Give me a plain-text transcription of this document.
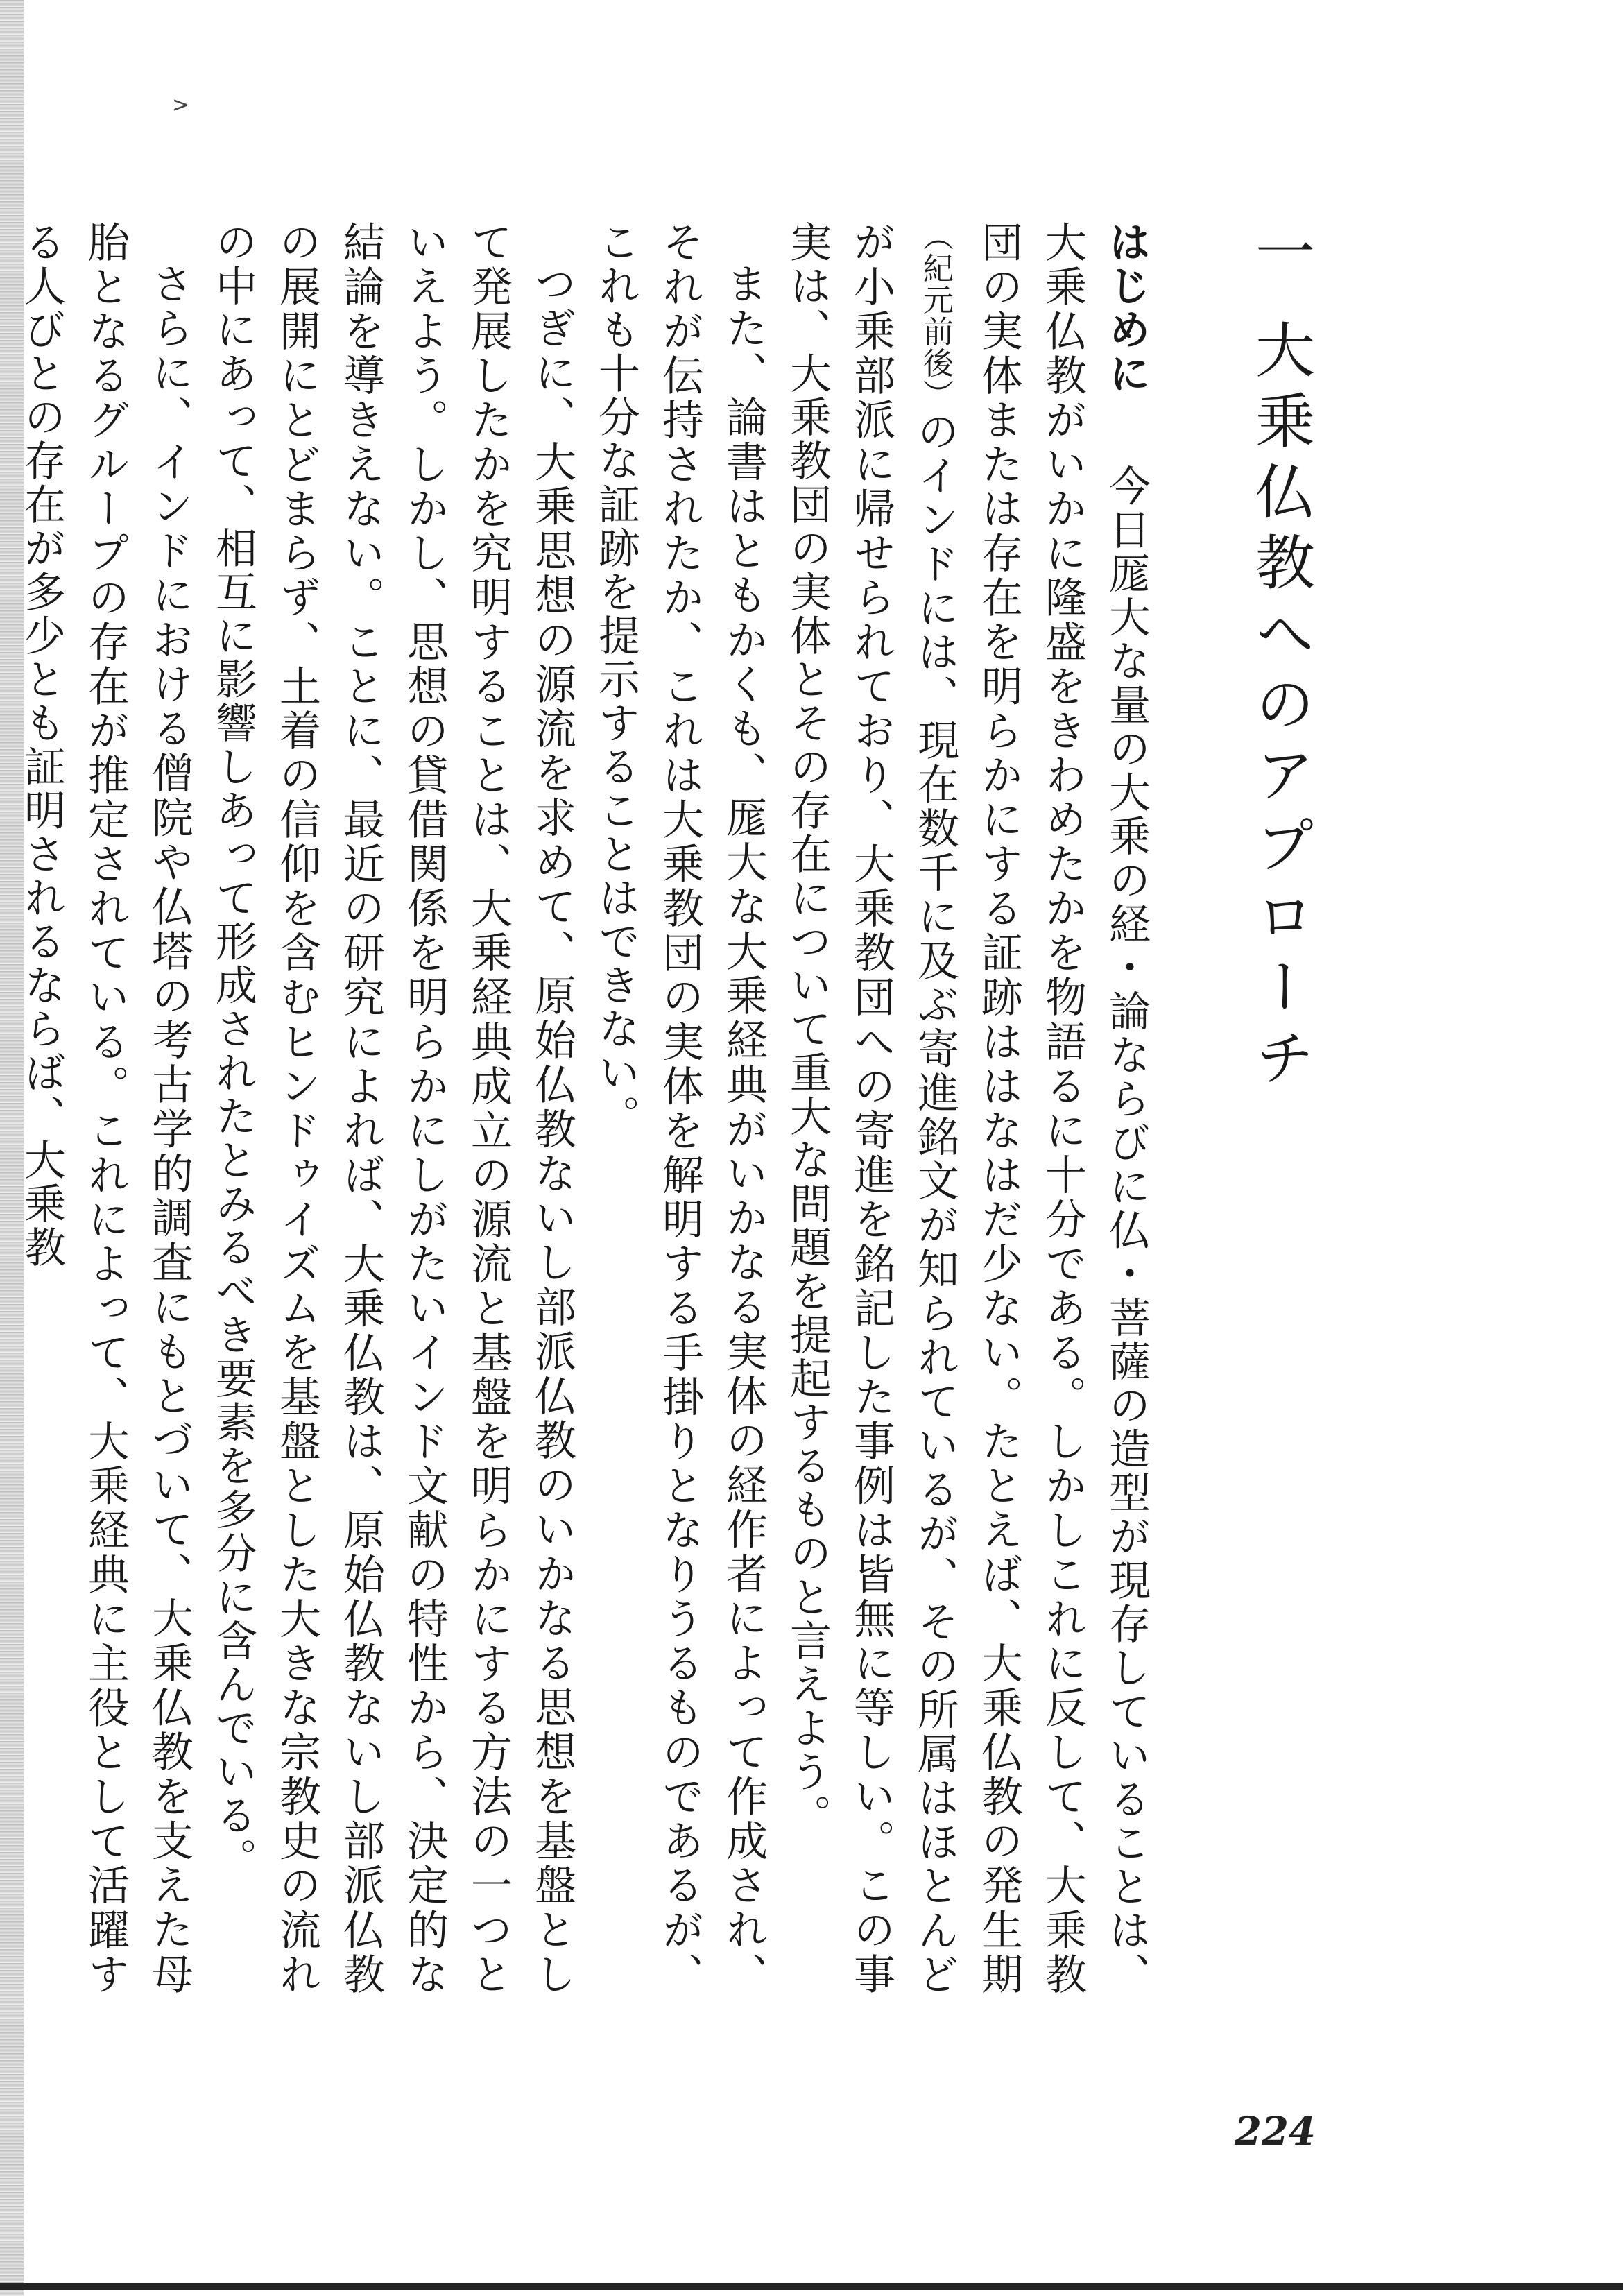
>
一大乗仏教へのアプローチ

はじめに　今日厖大な量の大乗の経・論ならびに仏・菩薩の造型が現存していることは、大乗仏教がいかに隆盛をきわめたかを物語るに十分である。しかしこれに反して、大乗教団の実体または存在を明らかにする証跡ははなはだ少ない。たとえば、大乗仏教の発生期（紀元前後）のインドには、現在数千に及ぶ寄進銘文が知られているが、その所属はほとんどが小乗部派に帰せられており、大乗教団への寄進を銘記した事例は皆無に等しい。この事実は、大乗教団の実体とその存在について重大な問題を提起するものと言えよう。

また、論書はともかくも、厖大な大乗経典がいかなる実体の経作者によって作成され、それが伝持されたか、これは大乗教団の実体を解明する手掛りとなりうるものであるが、これも十分な証跡を提示することはできない。

つぎに、大乗思想の源流を求めて、原始仏教ないし部派仏教のいかなる思想を基盤として発展したかを究明することは、大乗経典成立の源流と基盤を明らかにする方法の一つといえよう。しかし、思想の貸借関係を明らかにしがたいインド文献の特性から、決定的な結論を導きえない。ことに、最近の研究によれば、大乗仏教は、原始仏教ないし部派仏教の展開にとどまらず、土着の信仰を含むヒンドゥイズムを基盤とした大きな宗教史の流れの中にあって、相互に影響しあって形成されたとみるべき要素を多分に含んでいる。

さらに、インドにおける僧院や仏塔の考古学的調査にもとづいて、大乗仏教を支えた母胎となるグループの存在が推定されている。これによって、大乗経典に主役として活躍する人びとの存在が多少とも証明されるならば、大乗教

224
